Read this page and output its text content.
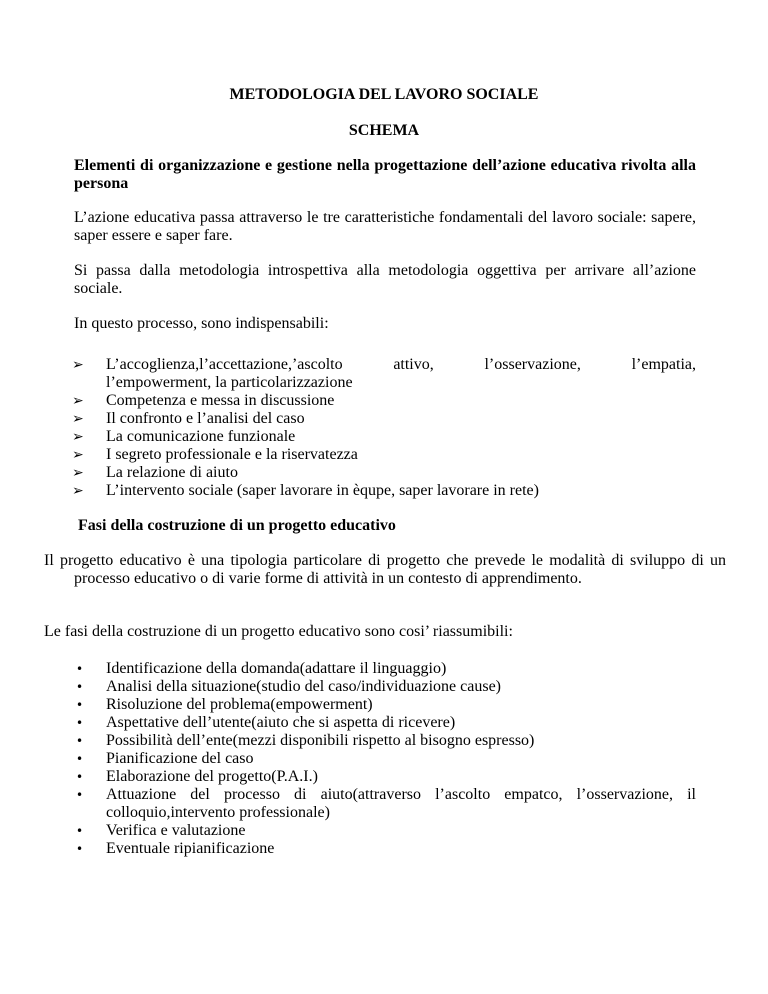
METODOLOGIA DEL LAVORO SOCIALE
SCHEMA
Elementi di organizzazione e gestione nella progettazione dell’azione educativa rivolta alla persona
L’azione educativa passa attraverso le tre caratteristiche fondamentali del lavoro sociale: sapere, saper essere e saper fare.
Si passa dalla metodologia introspettiva alla metodologia oggettiva per arrivare all’azione sociale.
In questo processo, sono indispensabili:
➢	L’accoglienza,l’accettazione,’ascolto attivo, l’osservazione, l’empatia,
l’empowerment, la particolarizzazione
➢	Competenza e messa in discussione
➢	Il confronto e l’analisi del caso
➢	La comunicazione funzionale
➢	I segreto professionale e la riservatezza
➢	La relazione di aiuto
➢	L’intervento sociale (saper lavorare in èqupe, saper lavorare in rete)
Fasi della costruzione di un progetto educativo
Il progetto educativo è una tipologia particolare di progetto che prevede le modalità di sviluppo di un processo educativo o di varie forme di attività in un contesto di apprendimento.
Le fasi della costruzione di un progetto educativo sono cosi’ riassumibili:
•	Identificazione della domanda(adattare il linguaggio)
•	Analisi della situazione(studio del caso/individuazione cause)
•	Risoluzione del problema(empowerment)
•	Aspettative dell’utente(aiuto che si aspetta di ricevere)
•	Possibilità dell’ente(mezzi disponibili rispetto al bisogno espresso)
•	Pianificazione del caso
•	Elaborazione del progetto(P.A.I.)
•	Attuazione del processo di aiuto(attraverso l’ascolto empatco, l’osservazione, il colloquio,intervento professionale)
•	Verifica e valutazione
•	Eventuale ripianificazione
